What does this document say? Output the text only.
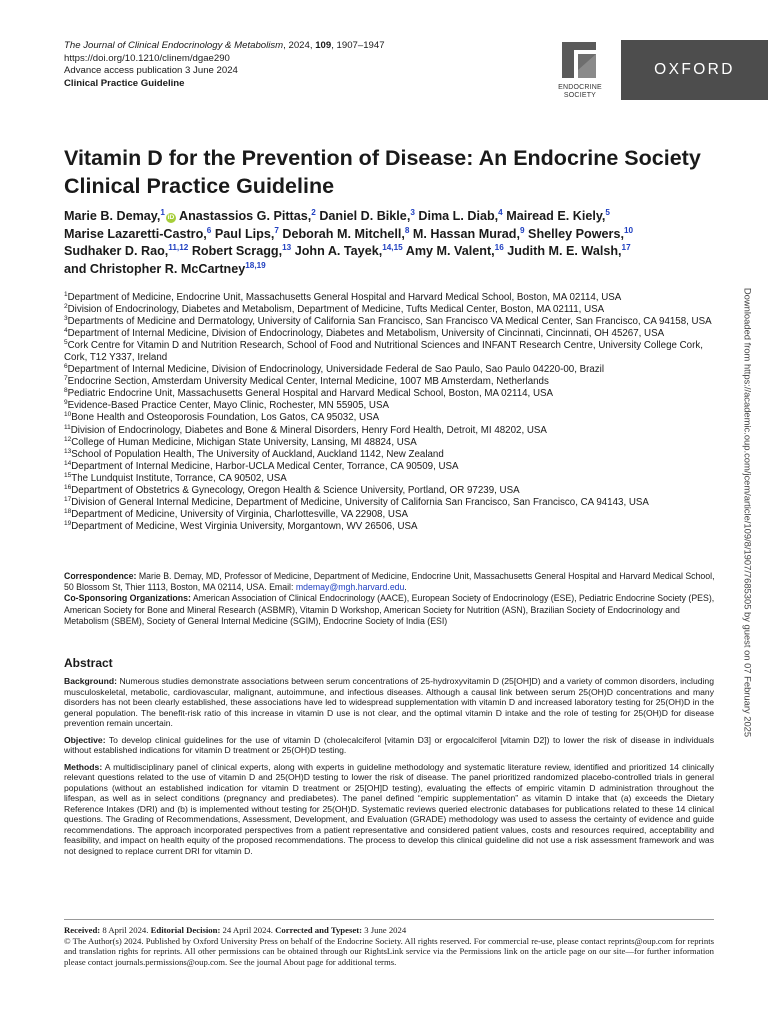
The Journal of Clinical Endocrinology & Metabolism, 2024, 109, 1907–1947
https://doi.org/10.1210/clinem/dgae290
Advance access publication 3 June 2024
Clinical Practice Guideline	ENDOCRINE
SOCIETY
OXFORD
Vitamin D for the Prevention of Disease: An Endocrine Society Clinical Practice Guideline
Marie B. Demay,$^1$iD Anastassios G. Pittas,$^2$ Daniel D. Bikle,$^3$ Dima L. Diab,$^4$ Mairead E. Kiely,$^5$ Marise Lazaretti-Castro,$^6$ Paul Lips,$^7$ Deborah M. Mitchell,$^8$ M. Hassan Murad,$^9$ Shelley Powers,$^{10}$ Sudhaker D. Rao,$^{11,12}$ Robert Scragg,$^{13}$ John A. Tayek,$^{14,15}$ Amy M. Valent,$^{16}$ Judith M. E. Walsh,$^{17}$ and Christopher R. McCartney$^{18,19}$
$^1$Department of Medicine, Endocrine Unit, Massachusetts General Hospital and Harvard Medical School, Boston, MA 02114, USA
$^2$Division of Endocrinology, Diabetes and Metabolism, Department of Medicine, Tufts Medical Center, Boston, MA 02111, USA
$^3$Departments of Medicine and Dermatology, University of California San Francisco, San Francisco VA Medical Center, San Francisco, CA 94158, USA
$^4$Department of Internal Medicine, Division of Endocrinology, Diabetes and Metabolism, University of Cincinnati, Cincinnati, OH 45267, USA
$^5$Cork Centre for Vitamin D and Nutrition Research, School of Food and Nutritional Sciences and INFANT Research Centre, University College Cork, Cork, T12 Y337, Ireland
$^6$Department of Internal Medicine, Division of Endocrinology, Universidade Federal de Sao Paulo, Sao Paulo 04220-00, Brazil
$^7$Endocrine Section, Amsterdam University Medical Center, Internal Medicine, 1007 MB Amsterdam, Netherlands
$^8$Pediatric Endocrine Unit, Massachusetts General Hospital and Harvard Medical School, Boston, MA 02114, USA
$^9$Evidence-Based Practice Center, Mayo Clinic, Rochester, MN 55905, USA
$^{10}$Bone Health and Osteoporosis Foundation, Los Gatos, CA 95032, USA
$^{11}$Division of Endocrinology, Diabetes and Bone & Mineral Disorders, Henry Ford Health, Detroit, MI 48202, USA
$^{12}$College of Human Medicine, Michigan State University, Lansing, MI 48824, USA
$^{13}$School of Population Health, The University of Auckland, Auckland 1142, New Zealand
$^{14}$Department of Internal Medicine, Harbor-UCLA Medical Center, Torrance, CA 90509, USA
$^{15}$The Lundquist Institute, Torrance, CA 90502, USA
$^{16}$Department of Obstetrics & Gynecology, Oregon Health & Science University, Portland, OR 97239, USA
$^{17}$Division of General Internal Medicine, Department of Medicine, University of California San Francisco, San Francisco, CA 94143, USA
$^{18}$Department of Medicine, University of Virginia, Charlottesville, VA 22908, USA
$^{19}$Department of Medicine, West Virginia University, Morgantown, WV 26506, USA
Correspondence: Marie B. Demay, MD, Professor of Medicine, Department of Medicine, Endocrine Unit, Massachusetts General Hospital and Harvard Medical School, 50 Blossom St, Thier 1113, Boston, MA 02114, USA. Email: mdemay@mgh.harvard.edu.
Co-Sponsoring Organizations: American Association of Clinical Endocrinology (AACE), European Society of Endocrinology (ESE), Pediatric Endocrine Society (PES), American Society for Bone and Mineral Research (ASBMR), Vitamin D Workshop, American Society for Nutrition (ASN), Brazilian Society of Endocrinology and Metabolism (SBEM), Society of General Internal Medicine (SGIM), Endocrine Society of India (ESI)
Abstract

Background: Numerous studies demonstrate associations between serum concentrations of 25-hydroxyvitamin D (25[OH]D) and a variety of common disorders, including musculoskeletal, metabolic, cardiovascular, malignant, autoimmune, and infectious diseases. Although a causal link between serum 25(OH)D concentrations and many disorders has not been clearly established, these associations have led to widespread supplementation with vitamin D and increased laboratory testing for 25(OH)D in the general population. The benefit-risk ratio of this increase in vitamin D use is not clear, and the optimal vitamin D intake and the role of testing for 25(OH)D for disease prevention remain uncertain.

Objective: To develop clinical guidelines for the use of vitamin D (cholecalciferol [vitamin D3] or ergocalciferol [vitamin D2]) to lower the risk of disease in individuals without established indications for vitamin D treatment or 25(OH)D testing.

Methods: A multidisciplinary panel of clinical experts, along with experts in guideline methodology and systematic literature review, identified and prioritized 14 clinically relevant questions related to the use of vitamin D and 25(OH)D testing to lower the risk of disease. The panel prioritized randomized placebo-controlled trials in general populations (without an established indication for vitamin D treatment or 25[OH]D testing), evaluating the effects of empiric vitamin D administration throughout the lifespan, as well as in select conditions (pregnancy and prediabetes). The panel defined “empiric supplementation” as vitamin D intake that (a) exceeds the Dietary Reference Intakes (DRI) and (b) is implemented without testing for 25(OH)D. Systematic reviews queried electronic databases for publications related to these 14 clinical questions. The Grading of Recommendations, Assessment, Development, and Evaluation (GRADE) methodology was used to assess the certainty of evidence and guide recommendations. The approach incorporated perspectives from a patient representative and considered patient values, costs and resources required, acceptability and feasibility, and impact on health equity of the proposed recommendations. The process to develop this clinical guideline did not use a risk assessment framework and was not designed to replace current DRI for vitamin D.

Received: 8 April 2024. Editorial Decision: 24 April 2024. Corrected and Typeset: 3 June 2024

© The Author(s) 2024. Published by Oxford University Press on behalf of the Endocrine Society. All rights reserved. For commercial re-use, please contact reprints@oup.com for reprints and translation rights for reprints. All other permissions can be obtained through our RightsLink service via the Permissions link on the article page on our site—for further information please contact journals.permissions@oup.com. See the journal About page for additional terms.

Downloaded from https://academic.oup.com/jcem/article/109/8/1907/7685305 by guest on 07 February 2025
